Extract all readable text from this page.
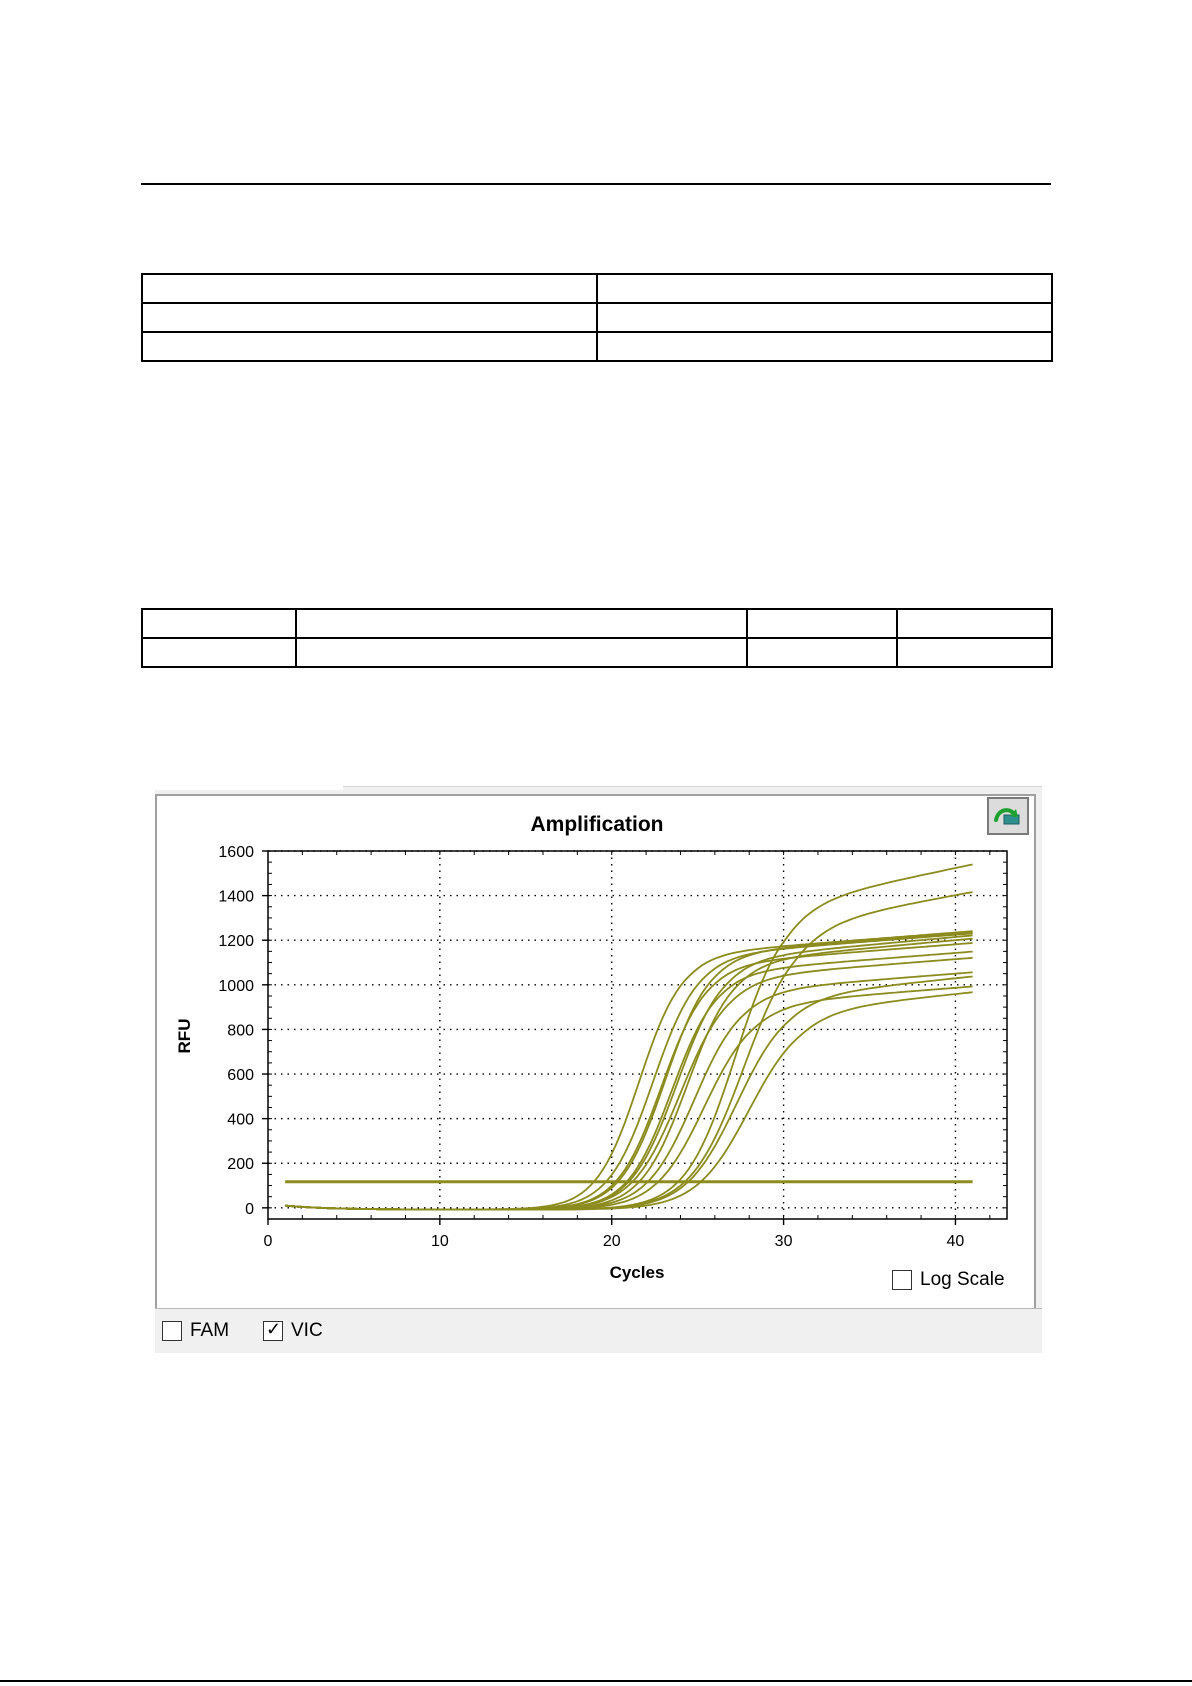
Amplification
RFU
Cycles
0	10	20	30	40
0
200
400
600
800
1000
1200
1400
1600
Log Scale
FAM ✓ VIC
